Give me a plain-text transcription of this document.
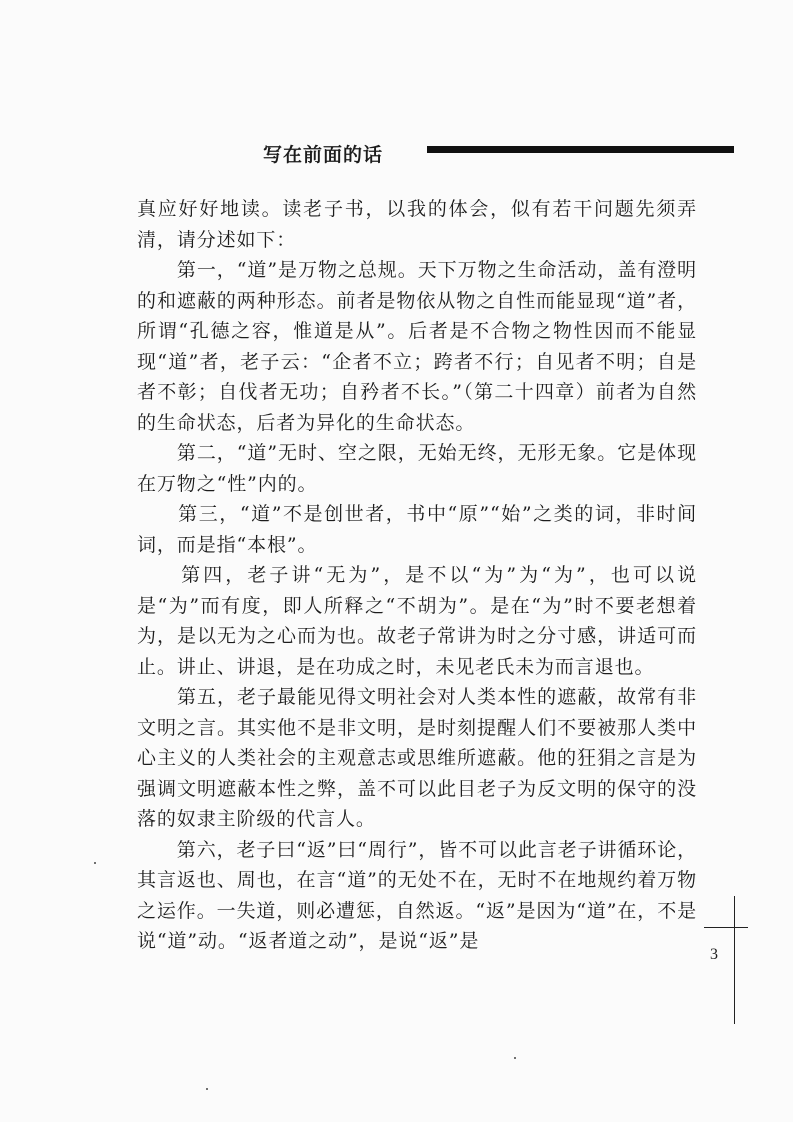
写在前面的话

真应好好地读。读老子书，以我的体会，似有若干问题先须弄清，请分述如下：

　　第一，“道”是万物之总规。天下万物之生命活动，盖有澄明的和遮蔽的两种形态。前者是物依从物之自性而能显现“道”者，所谓“孔德之容，惟道是从”。后者是不合物之物性因而不能显现“道”者，老子云：“企者不立；跨者不行；自见者不明；自是者不彰；自伐者无功；自矜者不长。”（第二十四章）前者为自然的生命状态，后者为异化的生命状态。

　　第二，“道”无时、空之限，无始无终，无形无象。它是体现在万物之“性”内的。

　　第三，“道”不是创世者，书中“原”“始”之类的词，非时间词，而是指“本根”。

　　第四，老子讲“无为”，是不以“为”为“为”，也可以说是“为”而有度，即人所释之“不胡为”。是在“为”时不要老想着为，是以无为之心而为也。故老子常讲为时之分寸感，讲适可而止。讲止、讲退，是在功成之时，未见老氏未为而言退也。

　　第五，老子最能见得文明社会对人类本性的遮蔽，故常有非文明之言。其实他不是非文明，是时刻提醒人们不要被那人类中心主义的人类社会的主观意志或思维所遮蔽。他的狂狷之言是为强调文明遮蔽本性之弊，盖不可以此目老子为反文明的保守的没落的奴隶主阶级的代言人。

　　第六，老子曰“返”曰“周行”，皆不可以此言老子讲循环论，其言返也、周也，在言“道”的无处不在，无时不在地规约着万物之运作。一失道，则必遭惩，自然返。“返”是因为“道”在，不是说“道”动。“返者道之动”，是说“返”是

3
